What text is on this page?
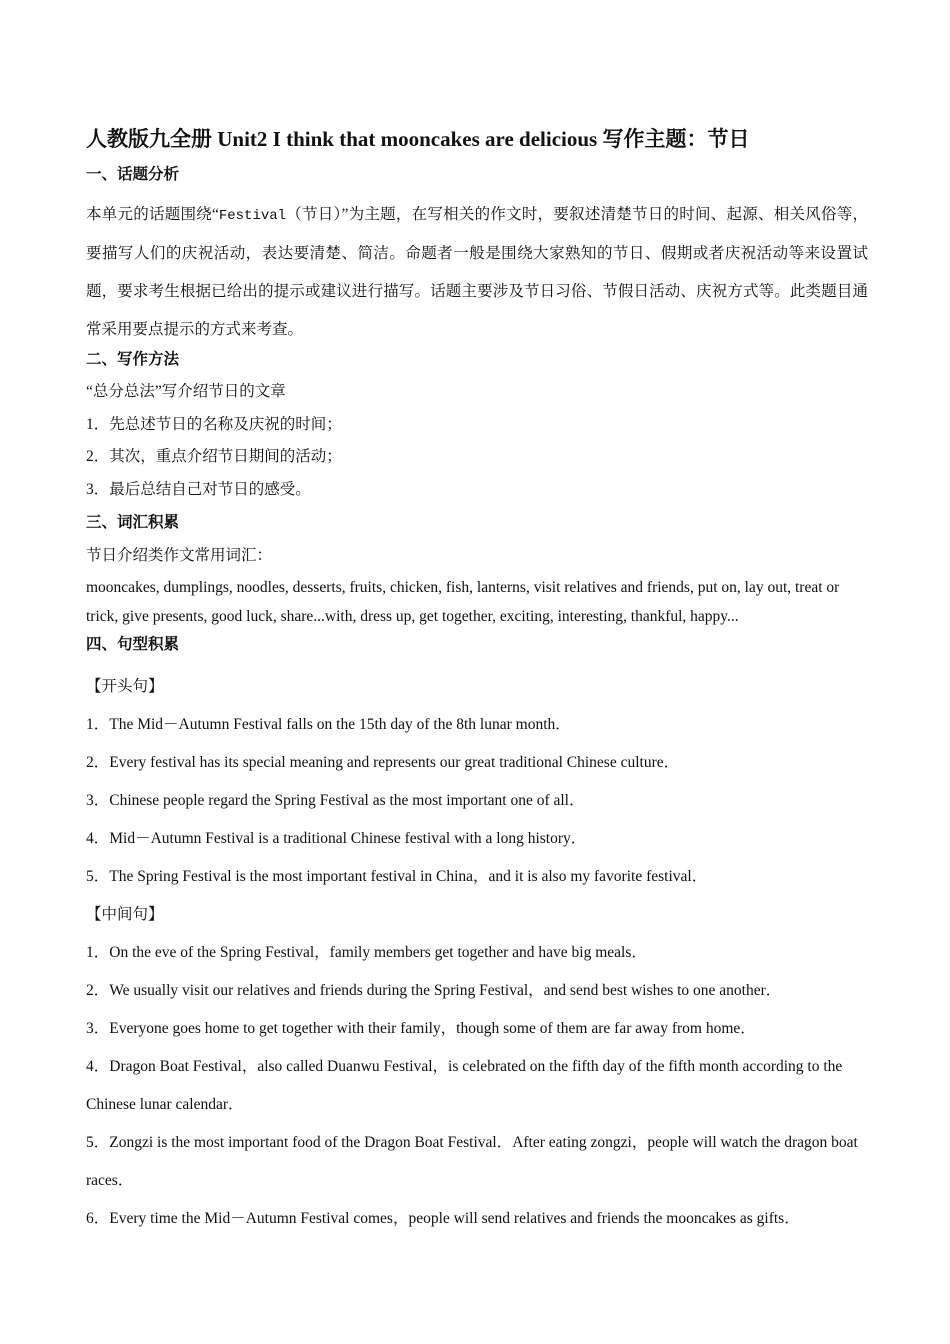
人教版九全册 Unit2 I think that mooncakes are delicious 写作主题：节日
一、话题分析
本单元的话题围绕“Festival（节日）”为主题，在写相关的作文时，要叙述清楚节日的时间、起源、相关风俗等，要描写人们的庆祝活动，表达要清楚、简洁。命题者一般是围绕大家熟知的节日、假期或者庆祝活动等来设置试题，要求考生根据已给出的提示或建议进行描写。话题主要涉及节日习俗、节假日活动、庆祝方式等。此类题目通常采用要点提示的方式来考查。
二、写作方法
“总分总法”写介绍节日的文章
1．先总述节日的名称及庆祝的时间；
2．其次，重点介绍节日期间的活动；
3．最后总结自己对节日的感受。
三、词汇积累
节日介绍类作文常用词汇：
mooncakes, dumplings, noodles, desserts, fruits, chicken, fish, lanterns, visit relatives and friends, put on, lay out, treat or trick, give presents, good luck, share...with, dress up, get together, exciting, interesting, thankful, happy...
四、句型积累
【开头句】
1．The Mid－Autumn Festival falls on the 15th day of the 8th lunar month．
2．Every festival has its special meaning and represents our great traditional Chinese culture．
3．Chinese people regard the Spring Festival as the most important one of all．
4．Mid－Autumn Festival is a traditional Chinese festival with a long history．
5．The Spring Festival is the most important festival in China，and it is also my favorite festival．
【中间句】
1．On the eve of the Spring Festival，family members get together and have big meals．
2．We usually visit our relatives and friends during the Spring Festival，and send best wishes to one another．
3．Everyone goes home to get together with their family，though some of them are far away from home．
4．Dragon Boat Festival，also called Duanwu Festival，is celebrated on the fifth day of the fifth month according to the Chinese lunar calendar．
5．Zongzi is the most important food of the Dragon Boat Festival．After eating zongzi，people will watch the dragon boat races．
6．Every time the Mid－Autumn Festival comes，people will send relatives and friends the mooncakes as gifts．
